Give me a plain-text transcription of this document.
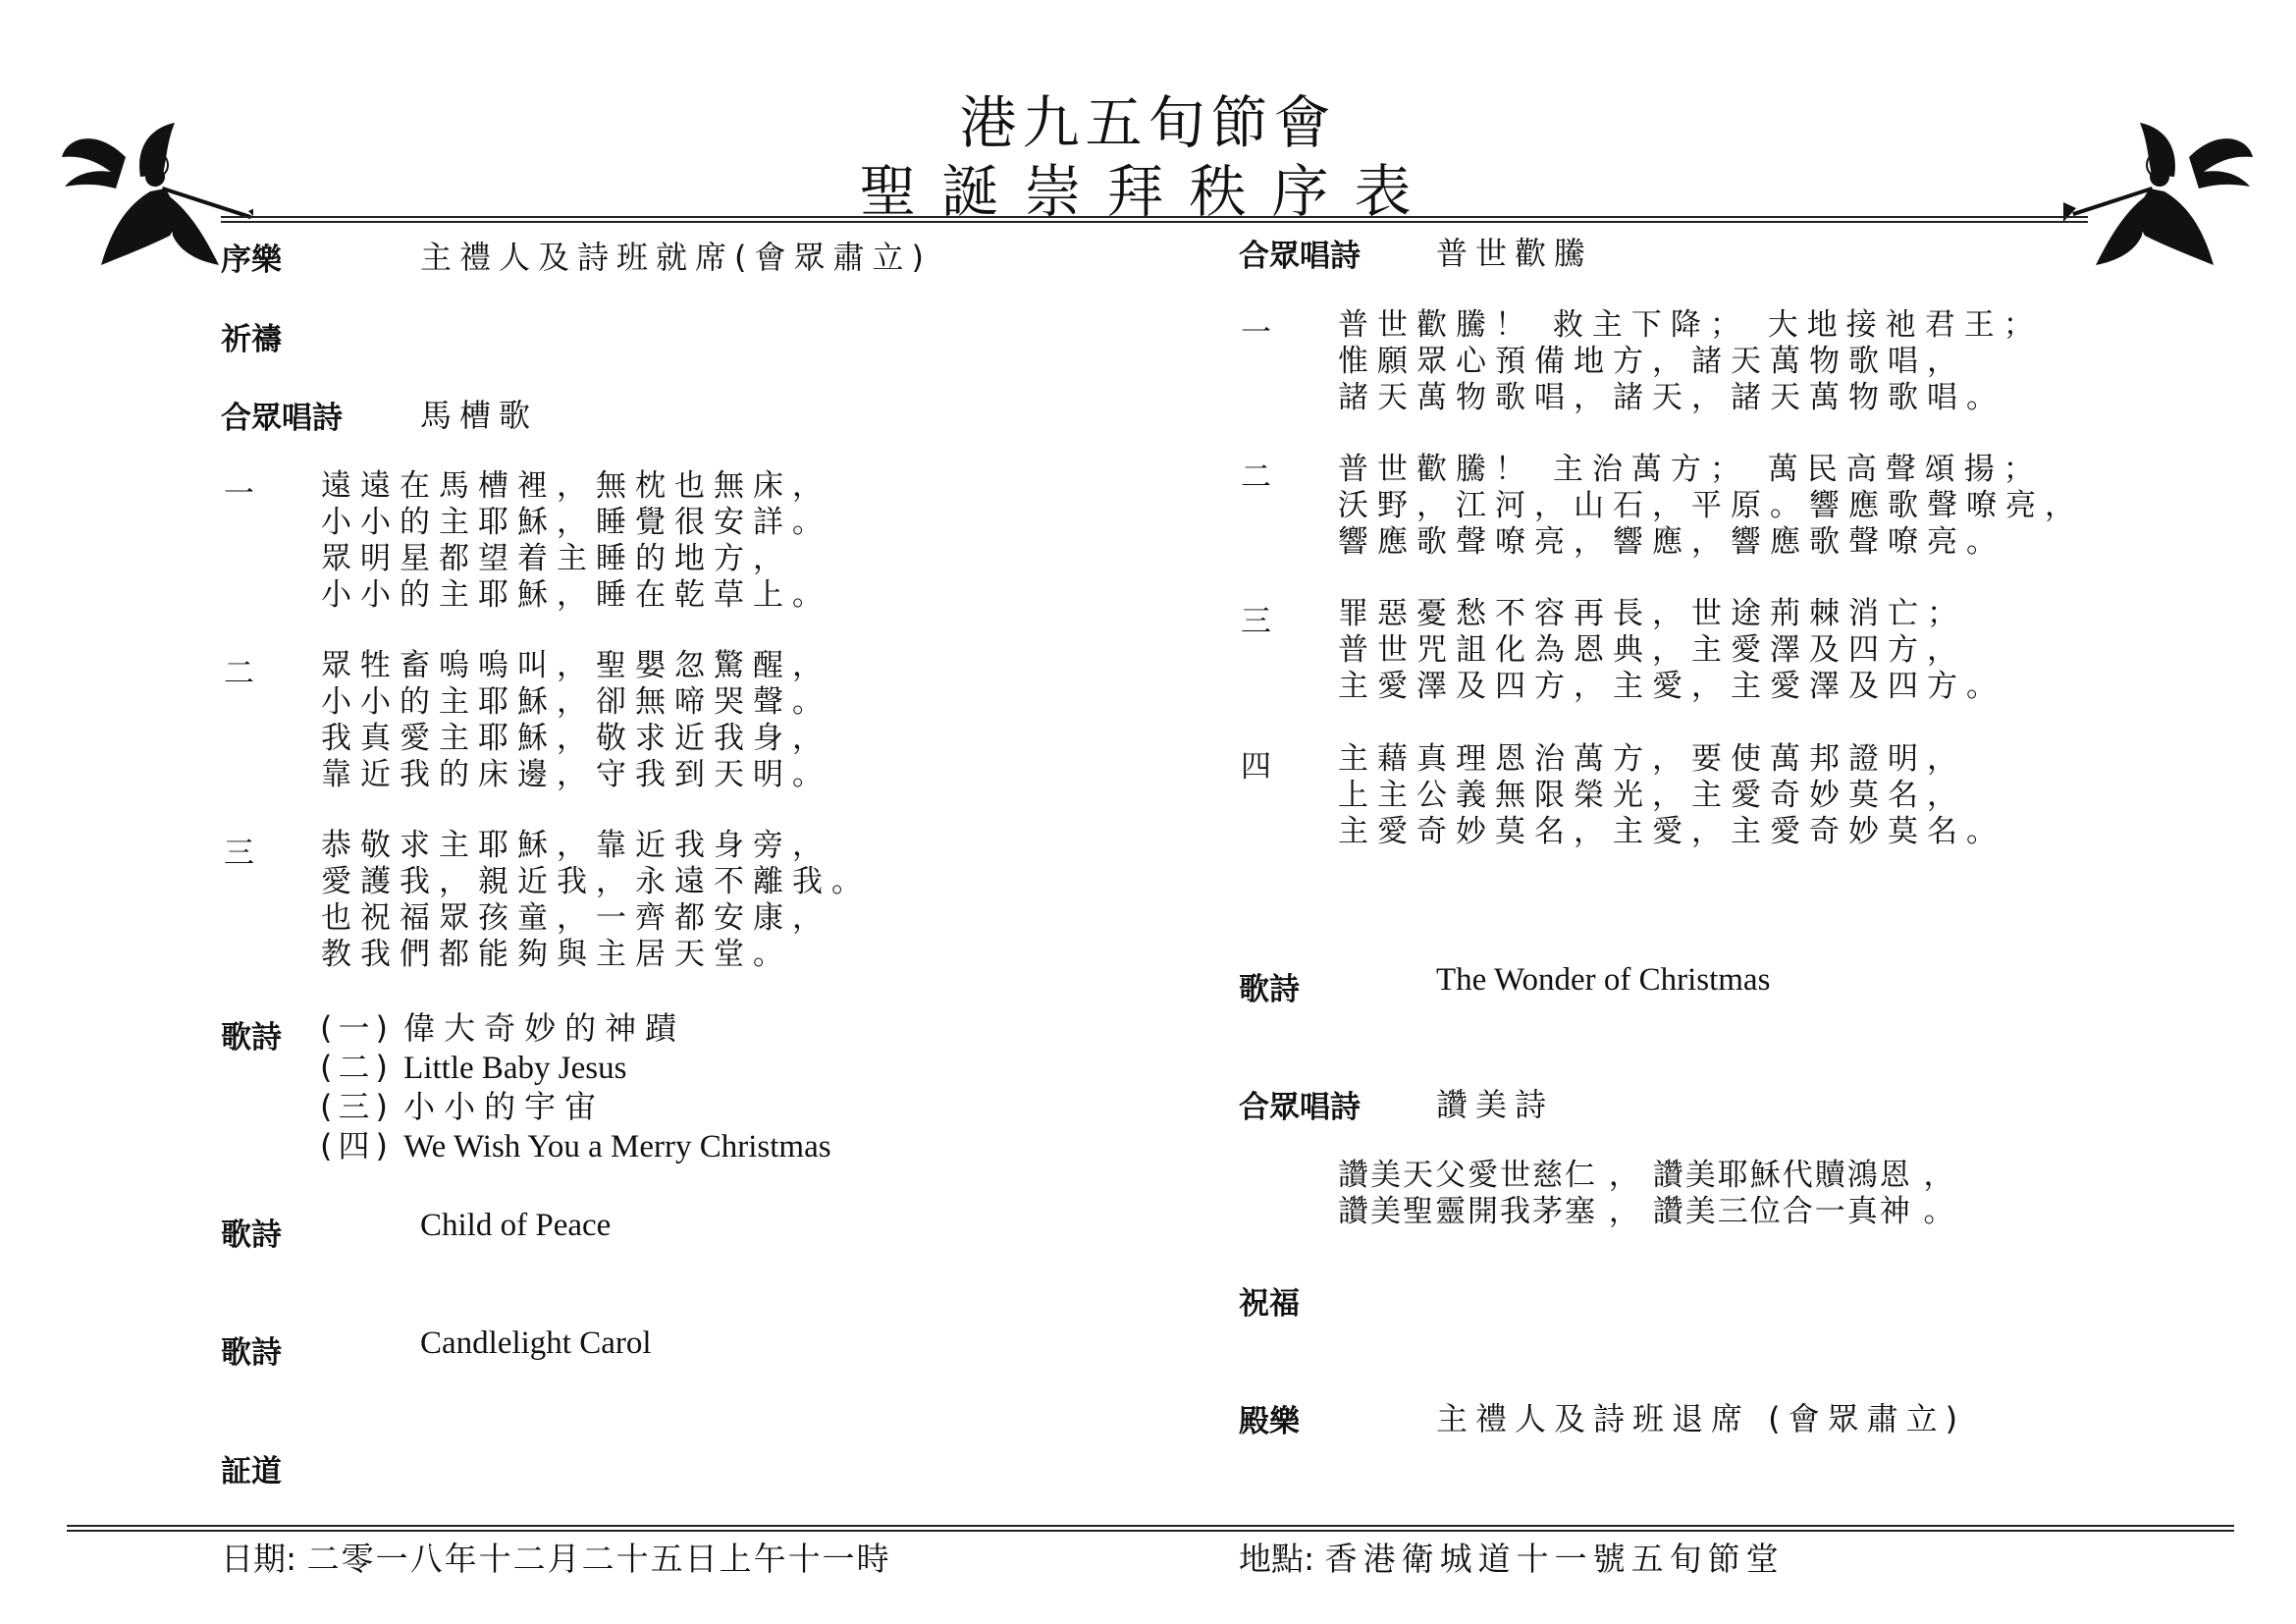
港九五旬節會
聖誕崇拜秩序表
序樂	主禮人及詩班就席(會眾肅立)
祈禱
合眾唱詩 馬槽歌
一 遠遠在馬槽裡，無枕也無床，
小小的主耶穌，睡覺很安詳。
眾明星都望着主睡的地方，
小小的主耶穌，睡在乾草上。
二 眾牲畜嗚嗚叫，聖嬰忽驚醒，
小小的主耶穌，卻無啼哭聲。
我真愛主耶穌，敬求近我身，
靠近我的床邊，守我到天明。
三 恭敬求主耶穌，靠近我身旁，
愛護我，親近我，永遠不離我。
也祝福眾孩童，一齊都安康，
教我們都能夠與主居天堂。
歌詩 (一) 偉大奇妙的神蹟
(二) Little Baby Jesus
(三) 小小的宇宙
(四) We Wish You a Merry Christmas
歌詩	Child of Peace
歌詩	Candlelight Carol
証道
合眾唱詩 普世歡騰
一 普世歡騰！ 救主下降； 大地接祂君王；
惟願眾心預備地方，諸天萬物歌唱，
諸天萬物歌唱，諸天，諸天萬物歌唱。
二 普世歡騰！ 主治萬方； 萬民高聲頌揚；
沃野，江河，山石，平原。響應歌聲嘹亮，
響應歌聲嘹亮，響應，響應歌聲嘹亮。
三 罪惡憂愁不容再長，世途荊棘消亡；
普世咒詛化為恩典，主愛澤及四方，
主愛澤及四方，主愛，主愛澤及四方。
四 主藉真理恩治萬方，要使萬邦證明，
上主公義無限榮光，主愛奇妙莫名，
主愛奇妙莫名，主愛，主愛奇妙莫名。
歌詩	The Wonder of Christmas
合眾唱詩 讚美詩
讚美天父愛世慈仁 ， 讚美耶穌代贖鴻恩 ，
讚美聖靈開我茅塞 ， 讚美三位合一真神 。
祝福
殿樂	主禮人及詩班退席 (會眾肅立)
日期: 二零一八年十二月二十五日上午十一時	地點: 香港衛城道十一號五旬節堂
